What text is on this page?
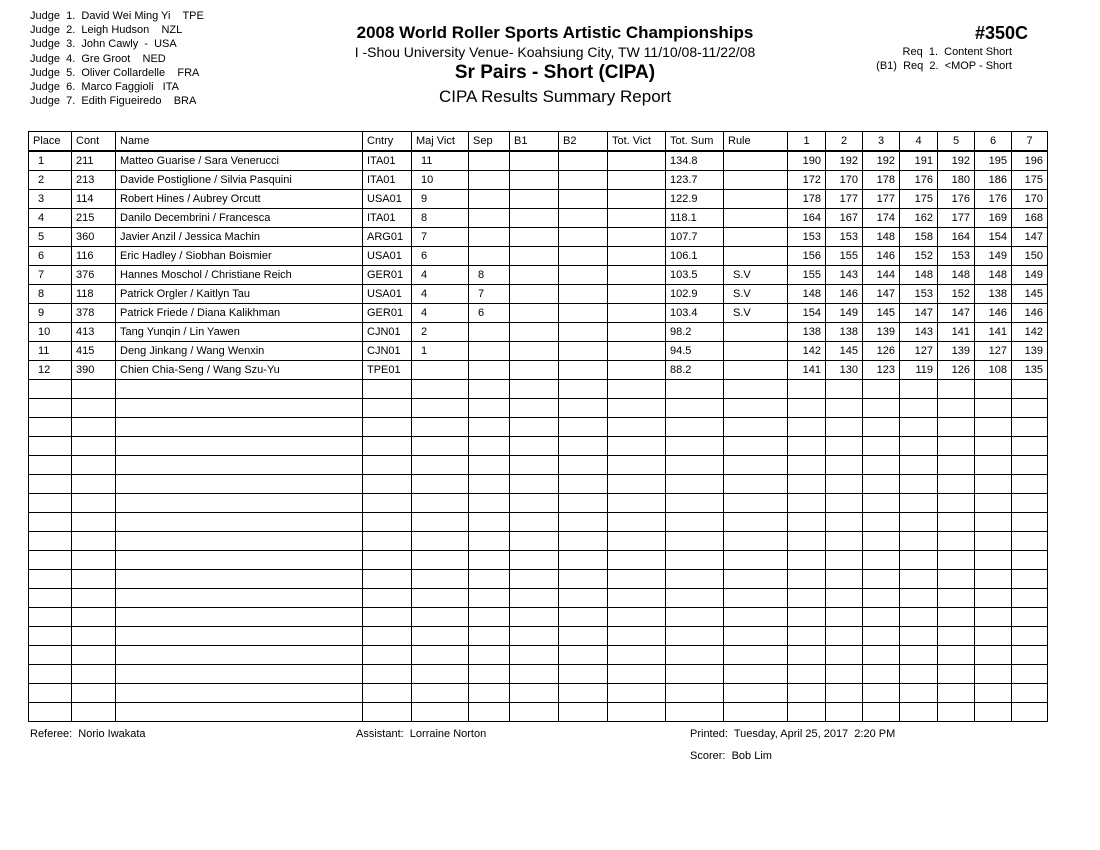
Judge  1.  David Wei Ming Yi    TPE
Judge  2.  Leigh Hudson    NZL
Judge  3.  John Cawly  -  USA
Judge  4.  Gre Groot    NED
Judge  5.  Oliver Collardelle    FRA
Judge  6.  Marco Faggioli   ITA
Judge  7.  Edith Figueiredo    BRA
2008 World Roller Sports Artistic Championships
I -Shou University Venue- Koahsiung City, TW 11/10/08-11/22/08
Sr Pairs - Short (CIPA)
CIPA Results Summary Report
#350C
Req  1.  Content Short
(B1)  Req  2.  <MOP - Short
Place	Cont	Name	Cntry	Maj Vict	Sep	B1	B2	Tot. Vict	Tot. Sum	Rule	1	2	3	4	5	6	7
1	211	Matteo Guarise / Sara Venerucci	ITA01	11					134.8		190	192	192	191	192	195	196
2	213	Davide Postiglione / Silvia Pasquini	ITA01	10					123.7		172	170	178	176	180	186	175
3	114	Robert Hines / Aubrey Orcutt	USA01	9					122.9		178	177	177	175	176	176	170
4	215	Danilo Decembrini / Francesca	ITA01	8					118.1		164	167	174	162	177	169	168
5	360	Javier Anzil / Jessica Machin	ARG01	7					107.7		153	153	148	158	164	154	147
6	116	Eric Hadley / Siobhan Boismier	USA01	6					106.1		156	155	146	152	153	149	150
7	376	Hannes Moschol / Christiane Reich	GER01	4	8				103.5	S.V	155	143	144	148	148	148	149
8	118	Patrick Orgler / Kaitlyn Tau	USA01	4	7				102.9	S.V	148	146	147	153	152	138	145
9	378	Patrick Friede / Diana Kalikhman	GER01	4	6				103.4	S.V	154	149	145	147	147	146	146
10	413	Tang Yunqin / Lin Yawen	CJN01	2					98.2		138	138	139	143	141	141	142
11	415	Deng Jinkang / Wang Wenxin	CJN01	1					94.5		142	145	126	127	139	127	139
12	390	Chien Chia-Seng / Wang Szu-Yu	TPE01						88.2		141	130	123	119	126	108	135

Referee:  Norio Iwakata	Assistant:  Lorraine Norton	Printed:  Tuesday, April 25, 2017  2:20 PM
Scorer:  Bob Lim
